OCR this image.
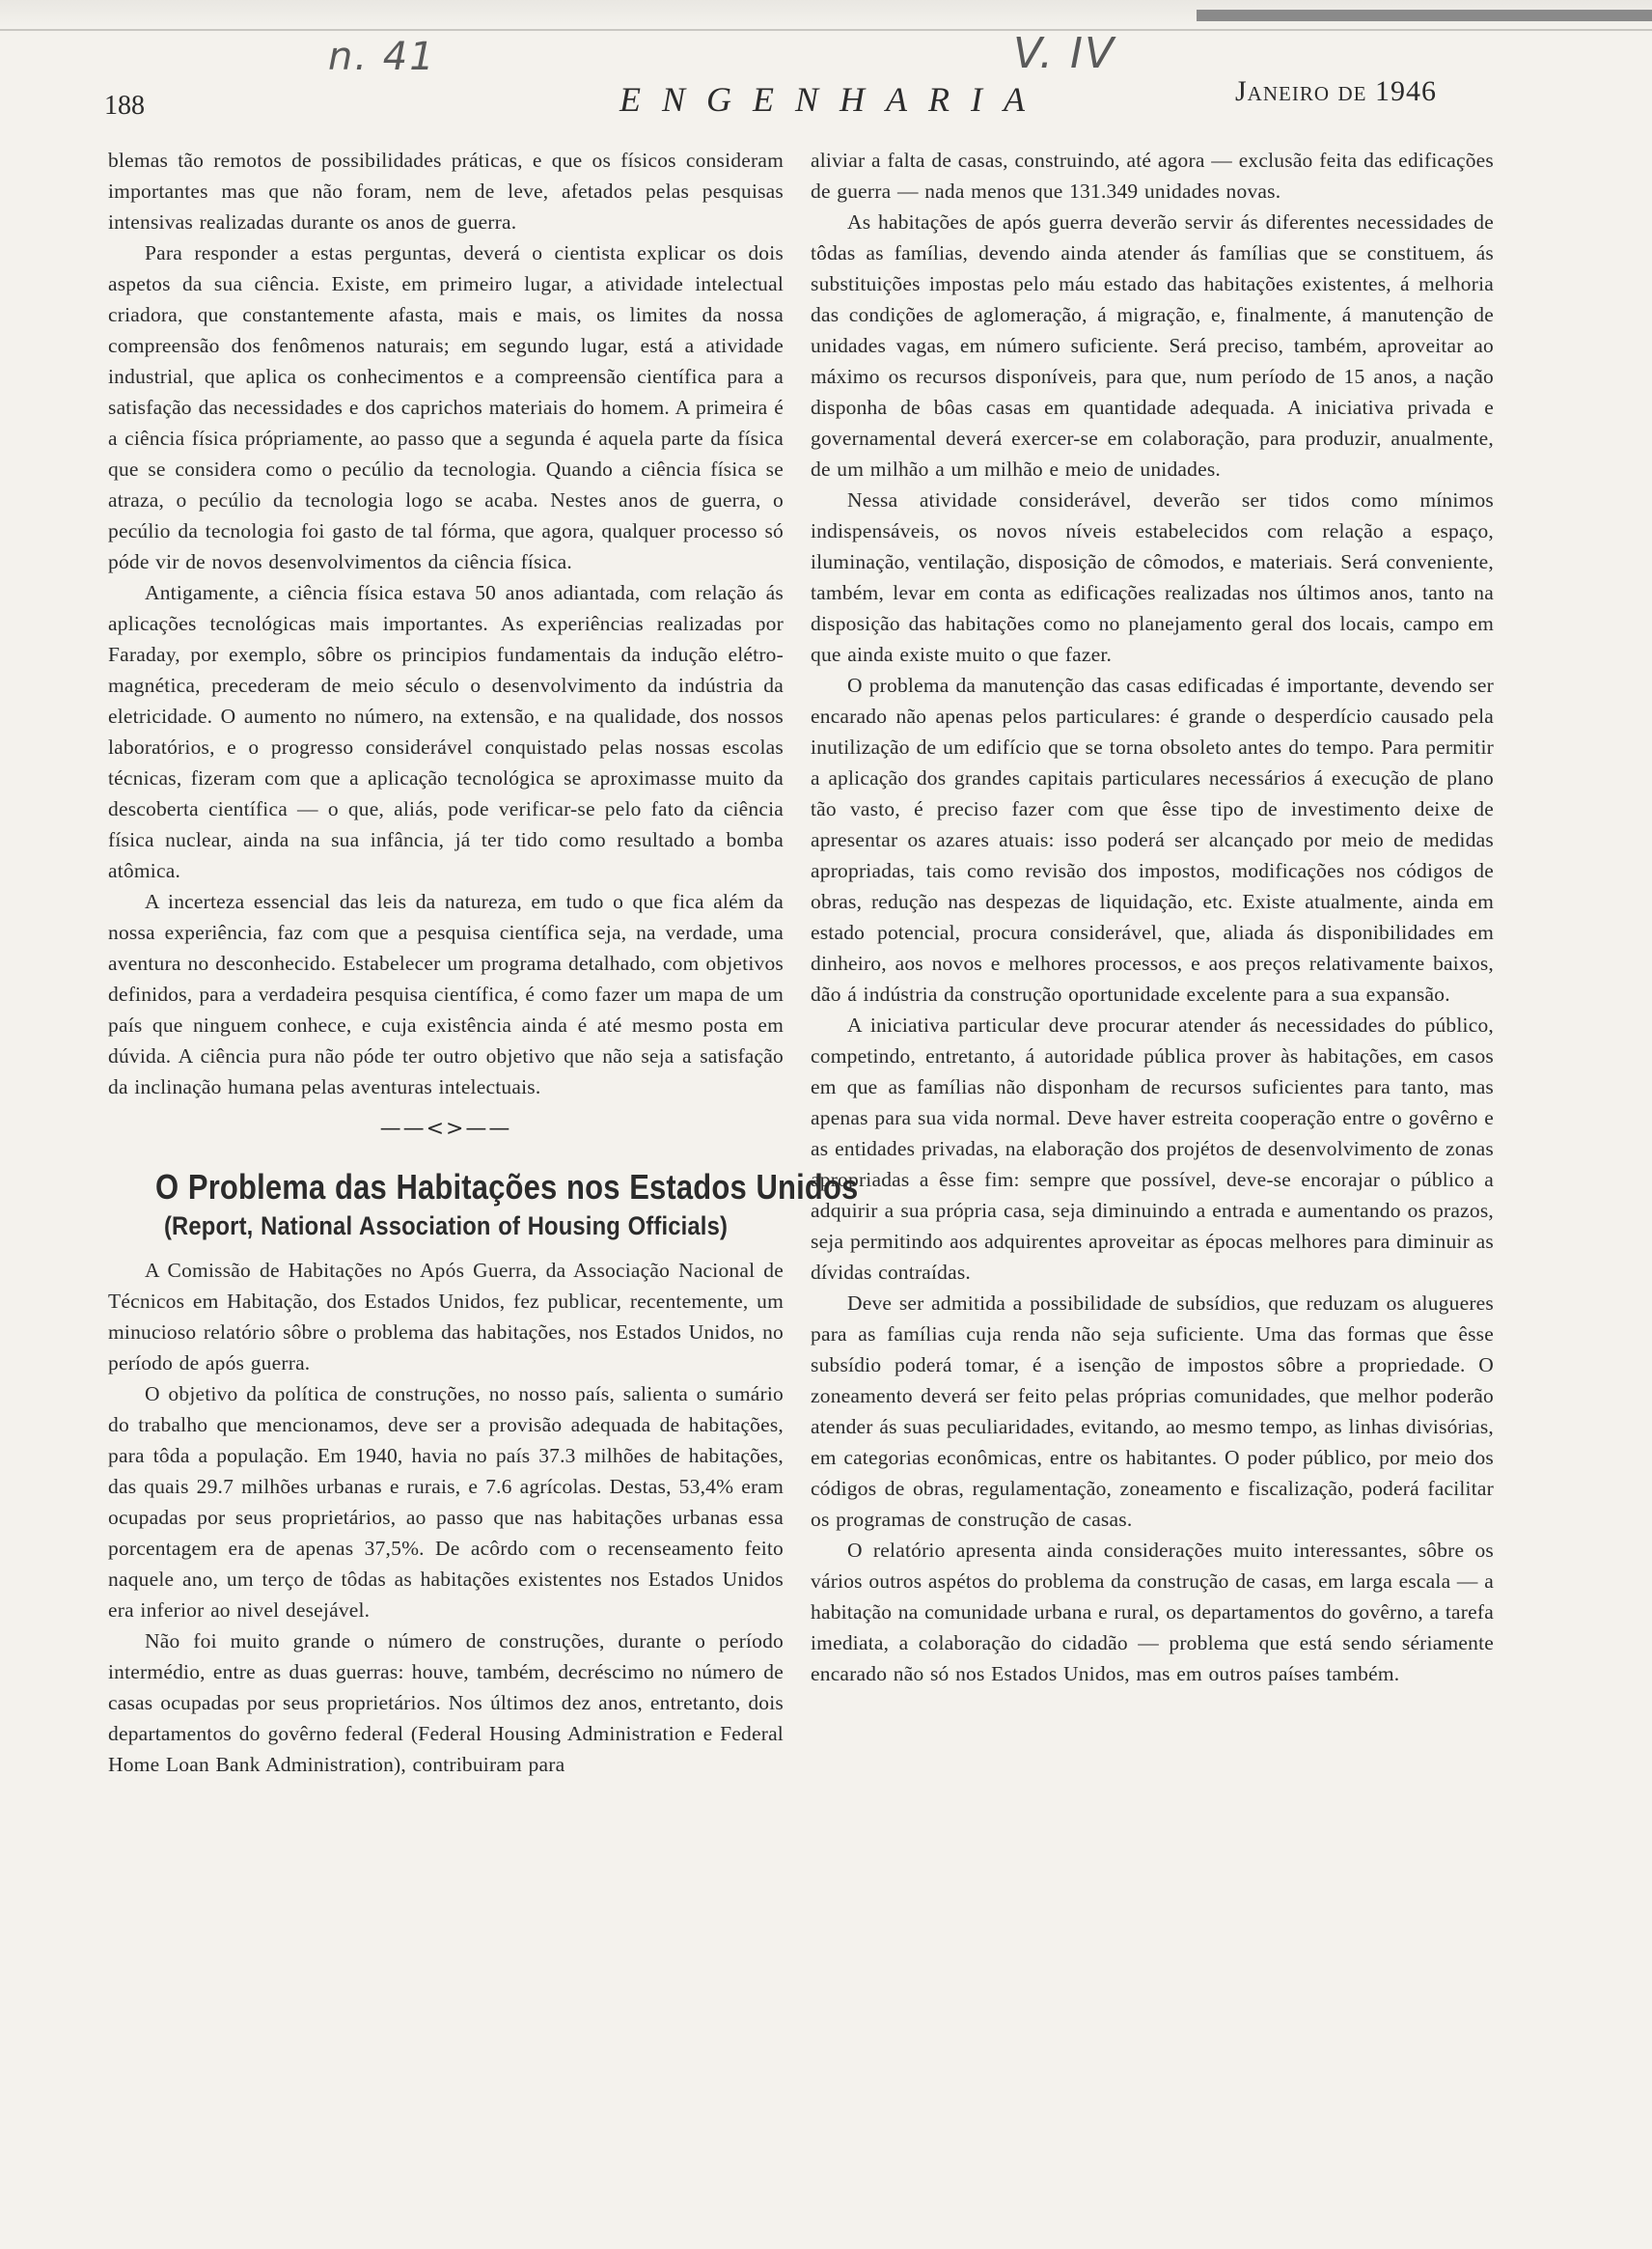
n. 41	V. IV
188	ENGENHARIA	Janeiro de 1946

blemas tão remotos de possibilidades práticas, e que os físicos consideram importantes mas que não foram, nem de leve, afetados pelas pesquisas intensivas realizadas durante os anos de guerra.

Para responder a estas perguntas, deverá o cientista explicar os dois aspetos da sua ciência. Existe, em primeiro lugar, a atividade intelectual criadora, que constantemente afasta, mais e mais, os limites da nossa compreensão dos fenômenos naturais; em segundo lugar, está a atividade industrial, que aplica os conhecimentos e a compreensão científica para a satisfação das necessidades e dos caprichos materiais do homem. A primeira é a ciência física própriamente, ao passo que a segunda é aquela parte da física que se considera como o pecúlio da tecnologia. Quando a ciência física se atraza, o pecúlio da tecnologia logo se acaba. Nestes anos de guerra, o pecúlio da tecnologia foi gasto de tal fórma, que agora, qualquer processo só póde vir de novos desenvolvimentos da ciência física.

Antigamente, a ciência física estava 50 anos adiantada, com relação ás aplicações tecnológicas mais importantes. As experiências realizadas por Faraday, por exemplo, sôbre os principios fundamentais da indução elétro-magnética, precederam de meio século o desenvolvimento da indústria da eletricidade. O aumento no número, na extensão, e na qualidade, dos nossos laboratórios, e o progresso considerável conquistado pelas nossas escolas técnicas, fizeram com que a aplicação tecnológica se aproximasse muito da descoberta científica — o que, aliás, pode verificar-se pelo fato da ciência física nuclear, ainda na sua infância, já ter tido como resultado a bomba atômica.

A incerteza essencial das leis da natureza, em tudo o que fica além da nossa experiência, faz com que a pesquisa científica seja, na verdade, uma aventura no desconhecido. Estabelecer um programa detalhado, com objetivos definidos, para a verdadeira pesquisa científica, é como fazer um mapa de um país que ninguem conhece, e cuja existência ainda é até mesmo posta em dúvida. A ciência pura não póde ter outro objetivo que não seja a satisfação da inclinação humana pelas aventuras intelectuais.

——<>——
O Problema das Habitações nos Estados Unidos
(Report, National Association of Housing Officials)

A Comissão de Habitações no Após Guerra, da Associação Nacional de Técnicos em Habitação, dos Estados Unidos, fez publicar, recentemente, um minucioso relatório sôbre o problema das habitações, nos Estados Unidos, no período de após guerra.

O objetivo da política de construções, no nosso país, salienta o sumário do trabalho que mencionamos, deve ser a provisão adequada de habitações, para tôda a população. Em 1940, havia no país 37.3 milhões de habitações, das quais 29.7 milhões urbanas e rurais, e 7.6 agrícolas. Destas, 53,4% eram ocupadas por seus proprietários, ao passo que nas habitações urbanas essa porcentagem era de apenas 37,5%. De acôrdo com o recenseamento feito naquele ano, um terço de tôdas as habitações existentes nos Estados Unidos era inferior ao nivel desejável.

Não foi muito grande o número de construções, durante o período intermédio, entre as duas guerras: houve, também, decréscimo no número de casas ocupadas por seus proprietários. Nos últimos dez anos, entretanto, dois departamentos do govêrno federal (Federal Housing Administration e Federal Home Loan Bank Administration), contribuiram para

aliviar a falta de casas, construindo, até agora — exclusão feita das edificações de guerra — nada menos que 131.349 unidades novas.

As habitações de após guerra deverão servir ás diferentes necessidades de tôdas as famílias, devendo ainda atender ás famílias que se constituem, ás substituições impostas pelo máu estado das habitações existentes, á melhoria das condições de aglomeração, á migração, e, finalmente, á manutenção de unidades vagas, em número suficiente. Será preciso, também, aproveitar ao máximo os recursos disponíveis, para que, num período de 15 anos, a nação disponha de bôas casas em quantidade adequada. A iniciativa privada e governamental deverá exercer-se em colaboração, para produzir, anualmente, de um milhão a um milhão e meio de unidades.

Nessa atividade considerável, deverão ser tidos como mínimos indispensáveis, os novos níveis estabelecidos com relação a espaço, iluminação, ventilação, disposição de cômodos, e materiais. Será conveniente, também, levar em conta as edificações realizadas nos últimos anos, tanto na disposição das habitações como no planejamento geral dos locais, campo em que ainda existe muito o que fazer.

O problema da manutenção das casas edificadas é importante, devendo ser encarado não apenas pelos particulares: é grande o desperdício causado pela inutilização de um edifício que se torna obsoleto antes do tempo. Para permitir a aplicação dos grandes capitais particulares necessários á execução de plano tão vasto, é preciso fazer com que êsse tipo de investimento deixe de apresentar os azares atuais: isso poderá ser alcançado por meio de medidas apropriadas, tais como revisão dos impostos, modificações nos códigos de obras, redução nas despezas de liquidação, etc. Existe atualmente, ainda em estado potencial, procura considerável, que, aliada ás disponibilidades em dinheiro, aos novos e melhores processos, e aos preços relativamente baixos, dão á indústria da construção oportunidade excelente para a sua expansão.

A iniciativa particular deve procurar atender ás necessidades do público, competindo, entretanto, á autoridade pública prover às habitações, em casos em que as famílias não disponham de recursos suficientes para tanto, mas apenas para sua vida normal. Deve haver estreita cooperação entre o govêrno e as entidades privadas, na elaboração dos projétos de desenvolvimento de zonas apropriadas a êsse fim: sempre que possível, deve-se encorajar o público a adquirir a sua própria casa, seja diminuindo a entrada e aumentando os prazos, seja permitindo aos adquirentes aproveitar as épocas melhores para diminuir as dívidas contraídas.

Deve ser admitida a possibilidade de subsídios, que reduzam os alugueres para as famílias cuja renda não seja suficiente. Uma das formas que êsse subsídio poderá tomar, é a isenção de impostos sôbre a propriedade. O zoneamento deverá ser feito pelas próprias comunidades, que melhor poderão atender ás suas peculiaridades, evitando, ao mesmo tempo, as linhas divisórias, em categorias econômicas, entre os habitantes. O poder público, por meio dos códigos de obras, regulamentação, zoneamento e fiscalização, poderá facilitar os programas de construção de casas.

O relatório apresenta ainda considerações muito interessantes, sôbre os vários outros aspétos do problema da construção de casas, em larga escala — a habitação na comunidade urbana e rural, os departamentos do govêrno, a tarefa imediata, a colaboração do cidadão — problema que está sendo sériamente encarado não só nos Estados Unidos, mas em outros países também.
